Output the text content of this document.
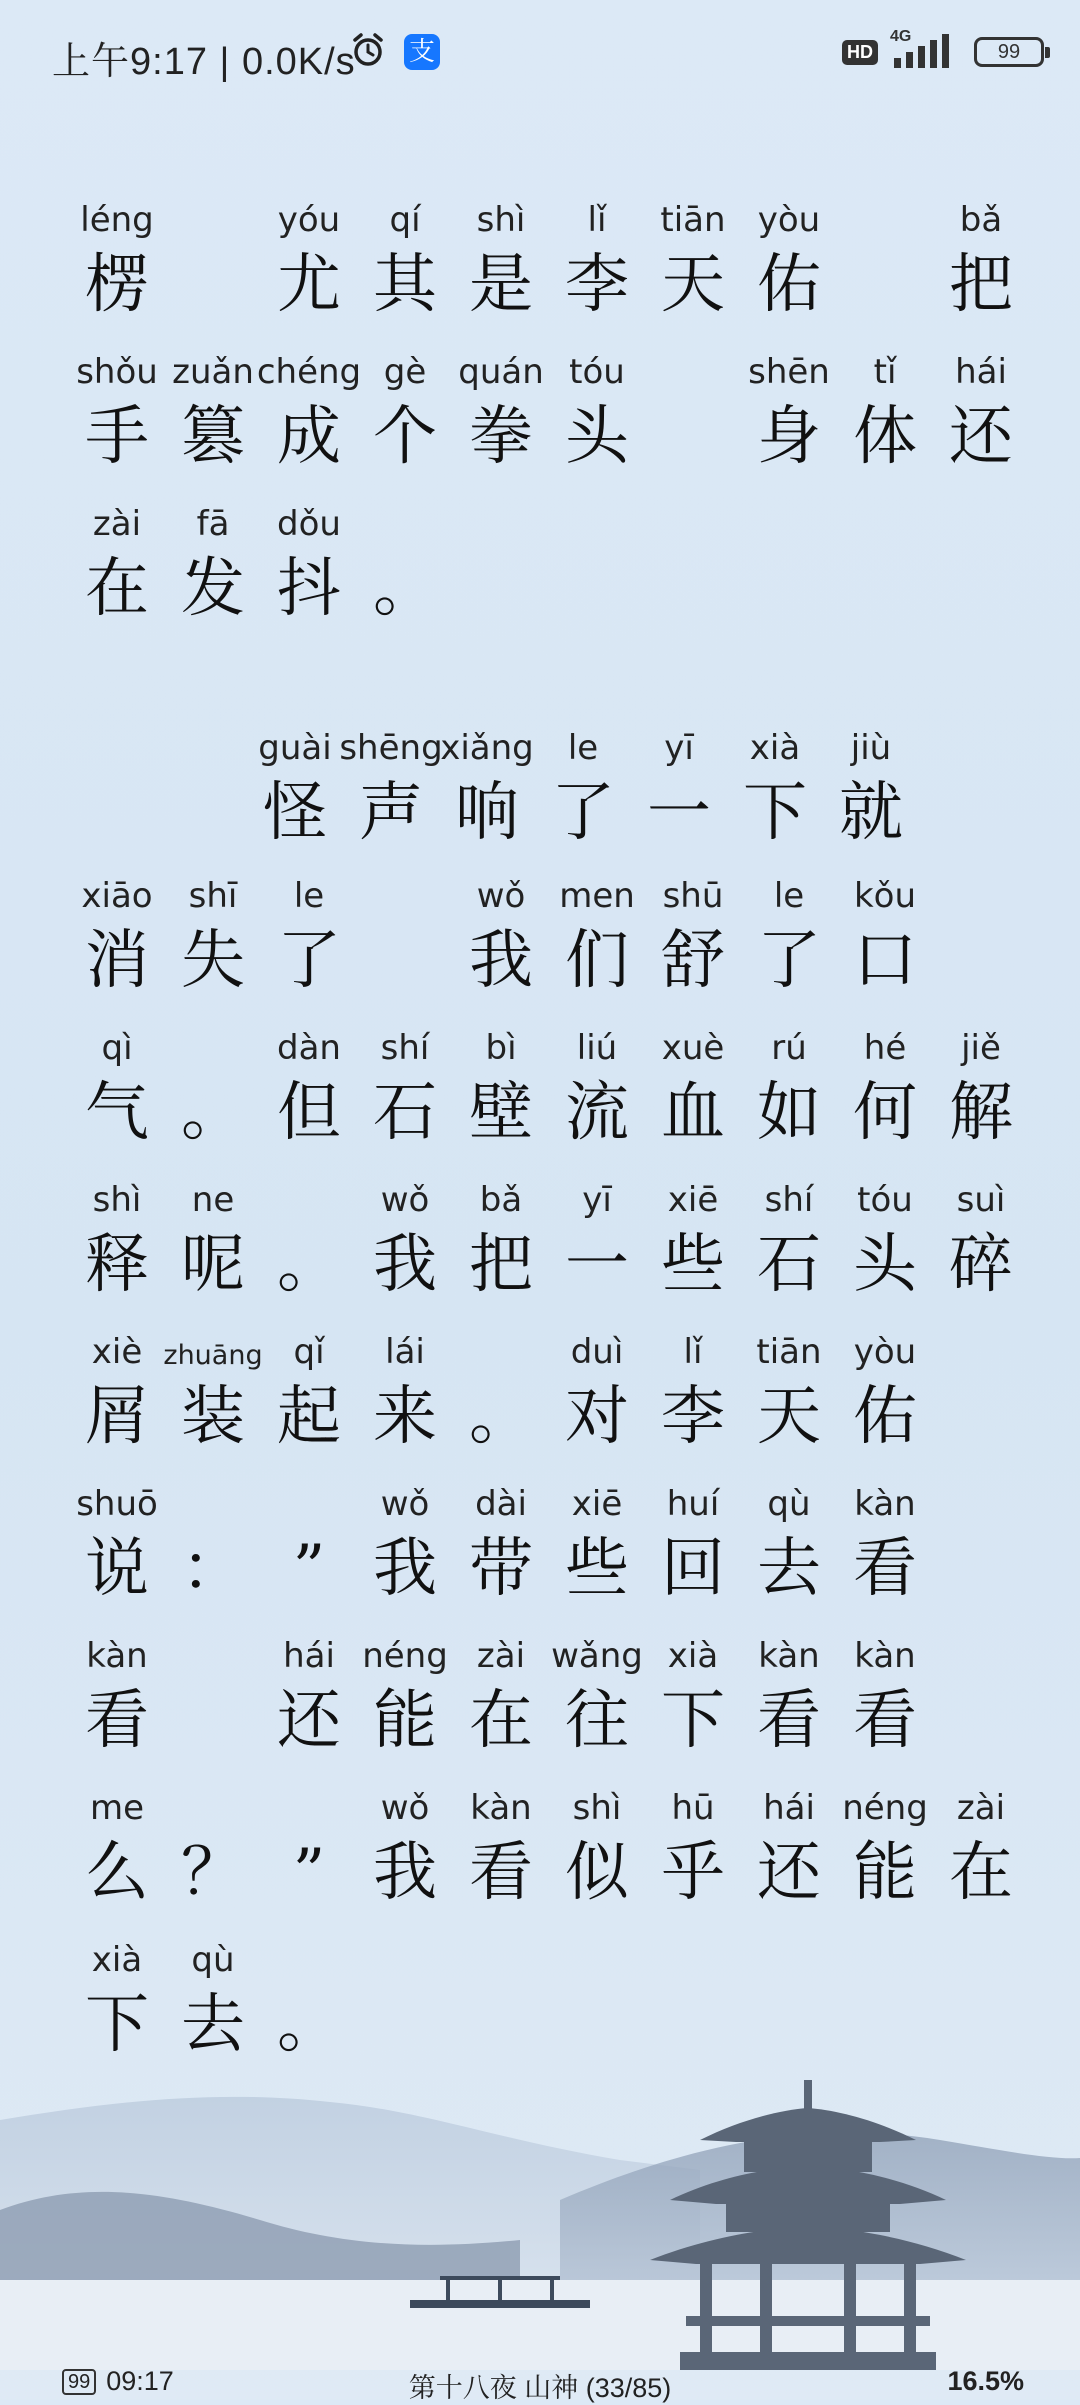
上午9:17 | 0.0K/s 支	HD
4G
99
léng
楞
yóu
尤
qí
其
shì
是
lǐ
李
tiān
天
yòu
佑
bǎ
把
shǒu
手
zuǎn
篡
chéng
成
gè
个
quán
拳
tóu
头
shēn
身
tǐ
体
hái
还
zài
在
fā
发
dǒu
抖 。
guài
怪
shēng
声
xiǎng
响
le
了
yī
一
xià
下
jiù
就
xiāo
消
shī
失
le
了
wǒ
我
men
们
shū
舒
le
了
kǒu
口
qì
气 。
dàn
但
shí
石
bì
壁
liú
流
xuè
血
rú
如
hé
何
jiě
解
shì
释
ne
呢 。
wǒ
我
bǎ
把
yī
一
xiē
些
shí
石
tóu
头
suì
碎
xiè
屑
zhuāng
装
qǐ
起
lái
来 。
duì
对
lǐ
李
tiān
天
yòu
佑
shuō
说 ： ”
wǒ
我
dài
带
xiē
些
huí
回
qù
去
kàn
看
kàn
看
hái
还
néng
能
zài
在
wǎng
往
xià
下
kàn
看
kàn
看
me
么 ？ ”
wǒ
我
kàn
看
shì
似
hū
乎
hái
还
néng
能
zài
在
xià
下
qù
去 。
99 09:17	第十八夜 山神 (33/85)	16.5%
